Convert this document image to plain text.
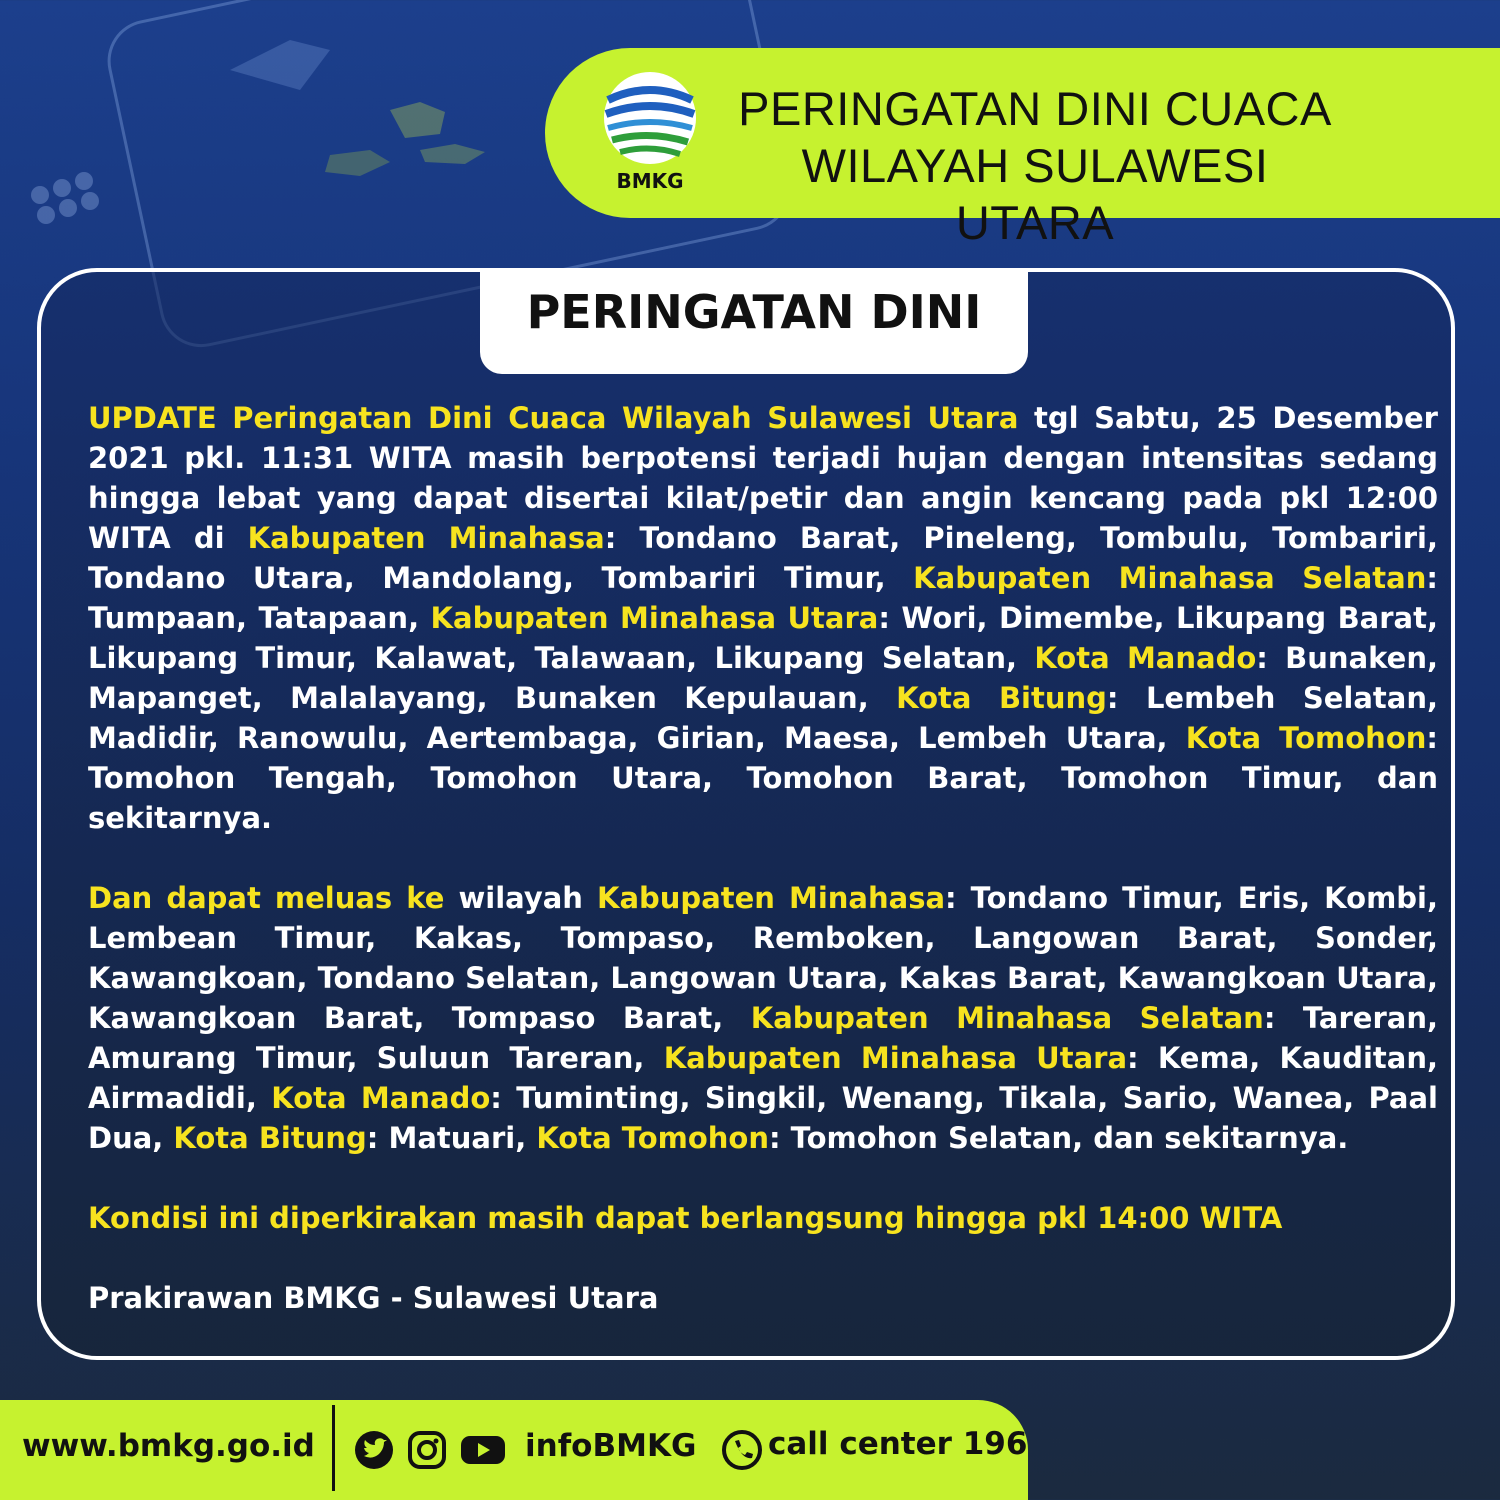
BMKG
PERINGATAN DINI CUACA
WILAYAH SULAWESI UTARA
PERINGATAN DINI

UPDATE Peringatan Dini Cuaca Wilayah Sulawesi Utara tgl Sabtu, 25 Desember 2021 pkl. 11:31 WITA masih berpotensi terjadi hujan dengan intensitas sedang hingga lebat yang dapat disertai kilat/petir dan angin kencang pada pkl 12:00 WITA di Kabupaten Minahasa: Tondano Barat, Pineleng, Tombulu, Tombariri, Tondano Utara, Mandolang, Tombariri Timur, Kabupaten Minahasa Selatan: Tumpaan, Tatapaan, Kabupaten Minahasa Utara: Wori, Dimembe, Likupang Barat, Likupang Timur, Kalawat, Talawaan, Likupang Selatan, Kota Manado: Bunaken, Mapanget, Malalayang, Bunaken Kepulauan, Kota Bitung: Lembeh Selatan, Madidir, Ranowulu, Aertembaga, Girian, Maesa, Lembeh Utara, Kota Tomohon: Tomohon Tengah, Tomohon Utara, Tomohon Barat, Tomohon Timur, dan sekitarnya.

Dan dapat meluas ke wilayah Kabupaten Minahasa: Tondano Timur, Eris, Kombi, Lembean Timur, Kakas, Tompaso, Remboken, Langowan Barat, Sonder, Kawangkoan, Tondano Selatan, Langowan Utara, Kakas Barat, Kawangkoan Utara, Kawangkoan Barat, Tompaso Barat, Kabupaten Minahasa Selatan: Tareran, Amurang Timur, Suluun Tareran, Kabupaten Minahasa Utara: Kema, Kauditan, Airmadidi, Kota Manado: Tuminting, Singkil, Wenang, Tikala, Sario, Wanea, Paal Dua, Kota Bitung: Matuari, Kota Tomohon: Tomohon Selatan, dan sekitarnya.

Kondisi ini diperkirakan masih dapat berlangsung hingga pkl 14:00 WITA

Prakirawan BMKG - Sulawesi Utara

www.bmkg.go.id	infoBMKG call center 196
